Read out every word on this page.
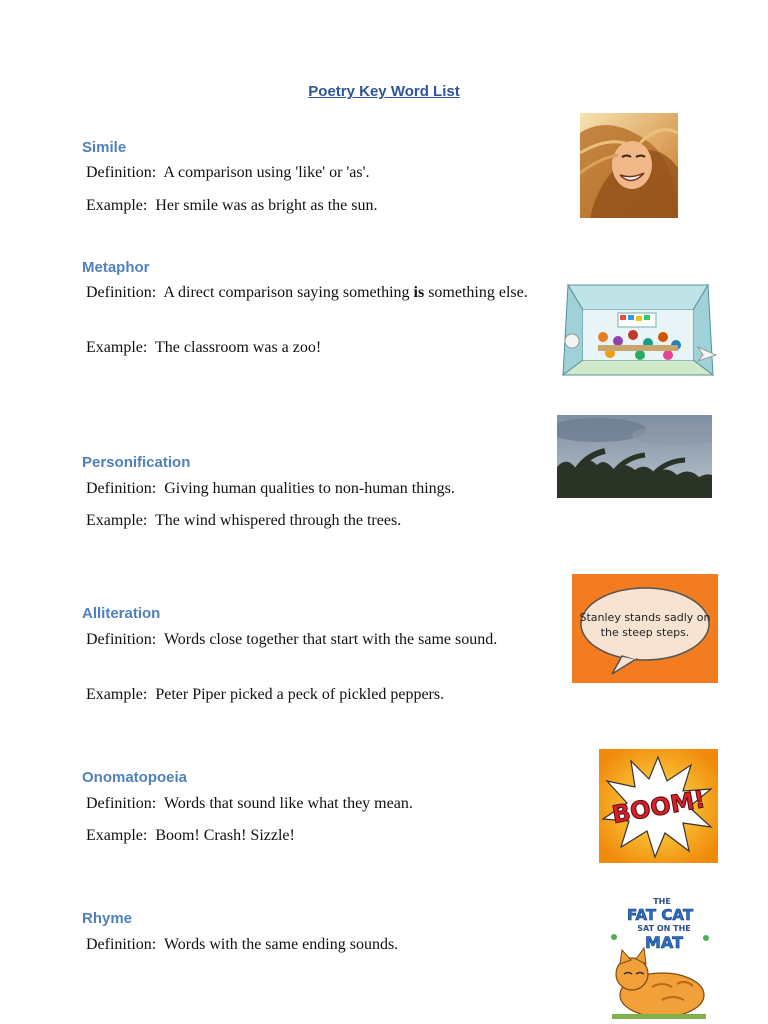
Poetry Key Word List
Simile
Definition: A comparison using 'like' or 'as'.
Example: Her smile was as bright as the sun.
Metaphor
Definition: A direct comparison saying something is something else.
Example: The classroom was a zoo!
Personification
Definition: Giving human qualities to non-human things.
Example: The wind whispered through the trees.
Alliteration
Definition: Words close together that start with the same sound.
Example: Peter Piper picked a peck of pickled peppers.
Stanley stands sadly on
the steep steps.
Onomatopoeia
Definition: Words that sound like what they mean.
Example: Boom! Crash! Sizzle!
BOOM!
Rhyme
Definition: Words with the same ending sounds.
THE
FAT CAT
SAT ON THE
MAT
